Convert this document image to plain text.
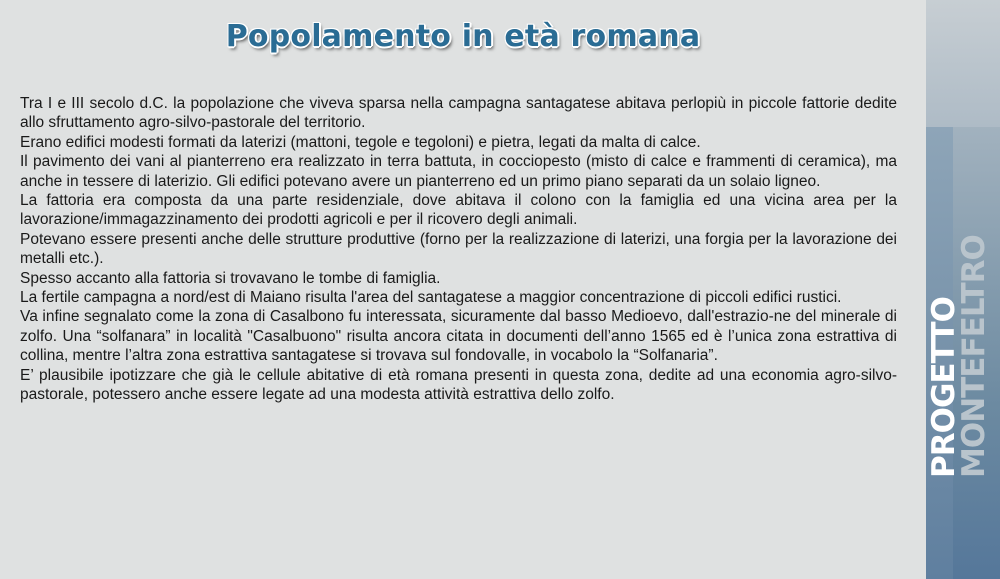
Popolamento in età romana

Tra I e III secolo d.C. la popolazione che viveva sparsa nella campagna santagatese abitava perlopiù in piccole fattorie dedite allo sfruttamento agro-silvo-pastorale del territorio.

Erano edifici modesti formati da laterizi (mattoni, tegole e tegoloni) e pietra, legati da malta di calce.

Il pavimento dei vani al pianterreno era realizzato in terra battuta, in cocciopesto (misto di calce e frammenti di ceramica), ma anche in tessere di laterizio. Gli edifici potevano avere un pianterreno ed un primo piano separati da un solaio ligneo.

La fattoria era composta da una parte residenziale, dove abitava il colono con la famiglia ed una vicina area per la lavorazione/immagazzinamento dei prodotti agricoli e per il ricovero degli animali.

Potevano essere presenti anche delle strutture produttive (forno per la realizzazione di laterizi, una forgia per la lavorazione dei metalli etc.).

Spesso accanto alla fattoria si trovavano le tombe di famiglia.

La fertile campagna a nord/est di Maiano risulta l'area del santagatese a maggior concentrazione di piccoli edifici rustici.

Va infine segnalato come la zona di Casalbono fu interessata, sicuramente dal basso Medioevo, dall'estrazio-ne del minerale di zolfo. Una “solfanara” in località "Casalbuono" risulta ancora citata in documenti dell’anno 1565 ed è l’unica zona estrattiva di collina, mentre l’altra zona estrattiva santagatese si trovava sul fondovalle, in vocabolo la “Solfanaria”.

E’ plausibile ipotizzare che già le cellule abitative di età romana presenti in questa zona, dedite ad una economia agro-silvo-pastorale, potessero anche essere legate ad una modesta attività estrattiva dello zolfo.	PROGETTO
MONTEFELTRO
